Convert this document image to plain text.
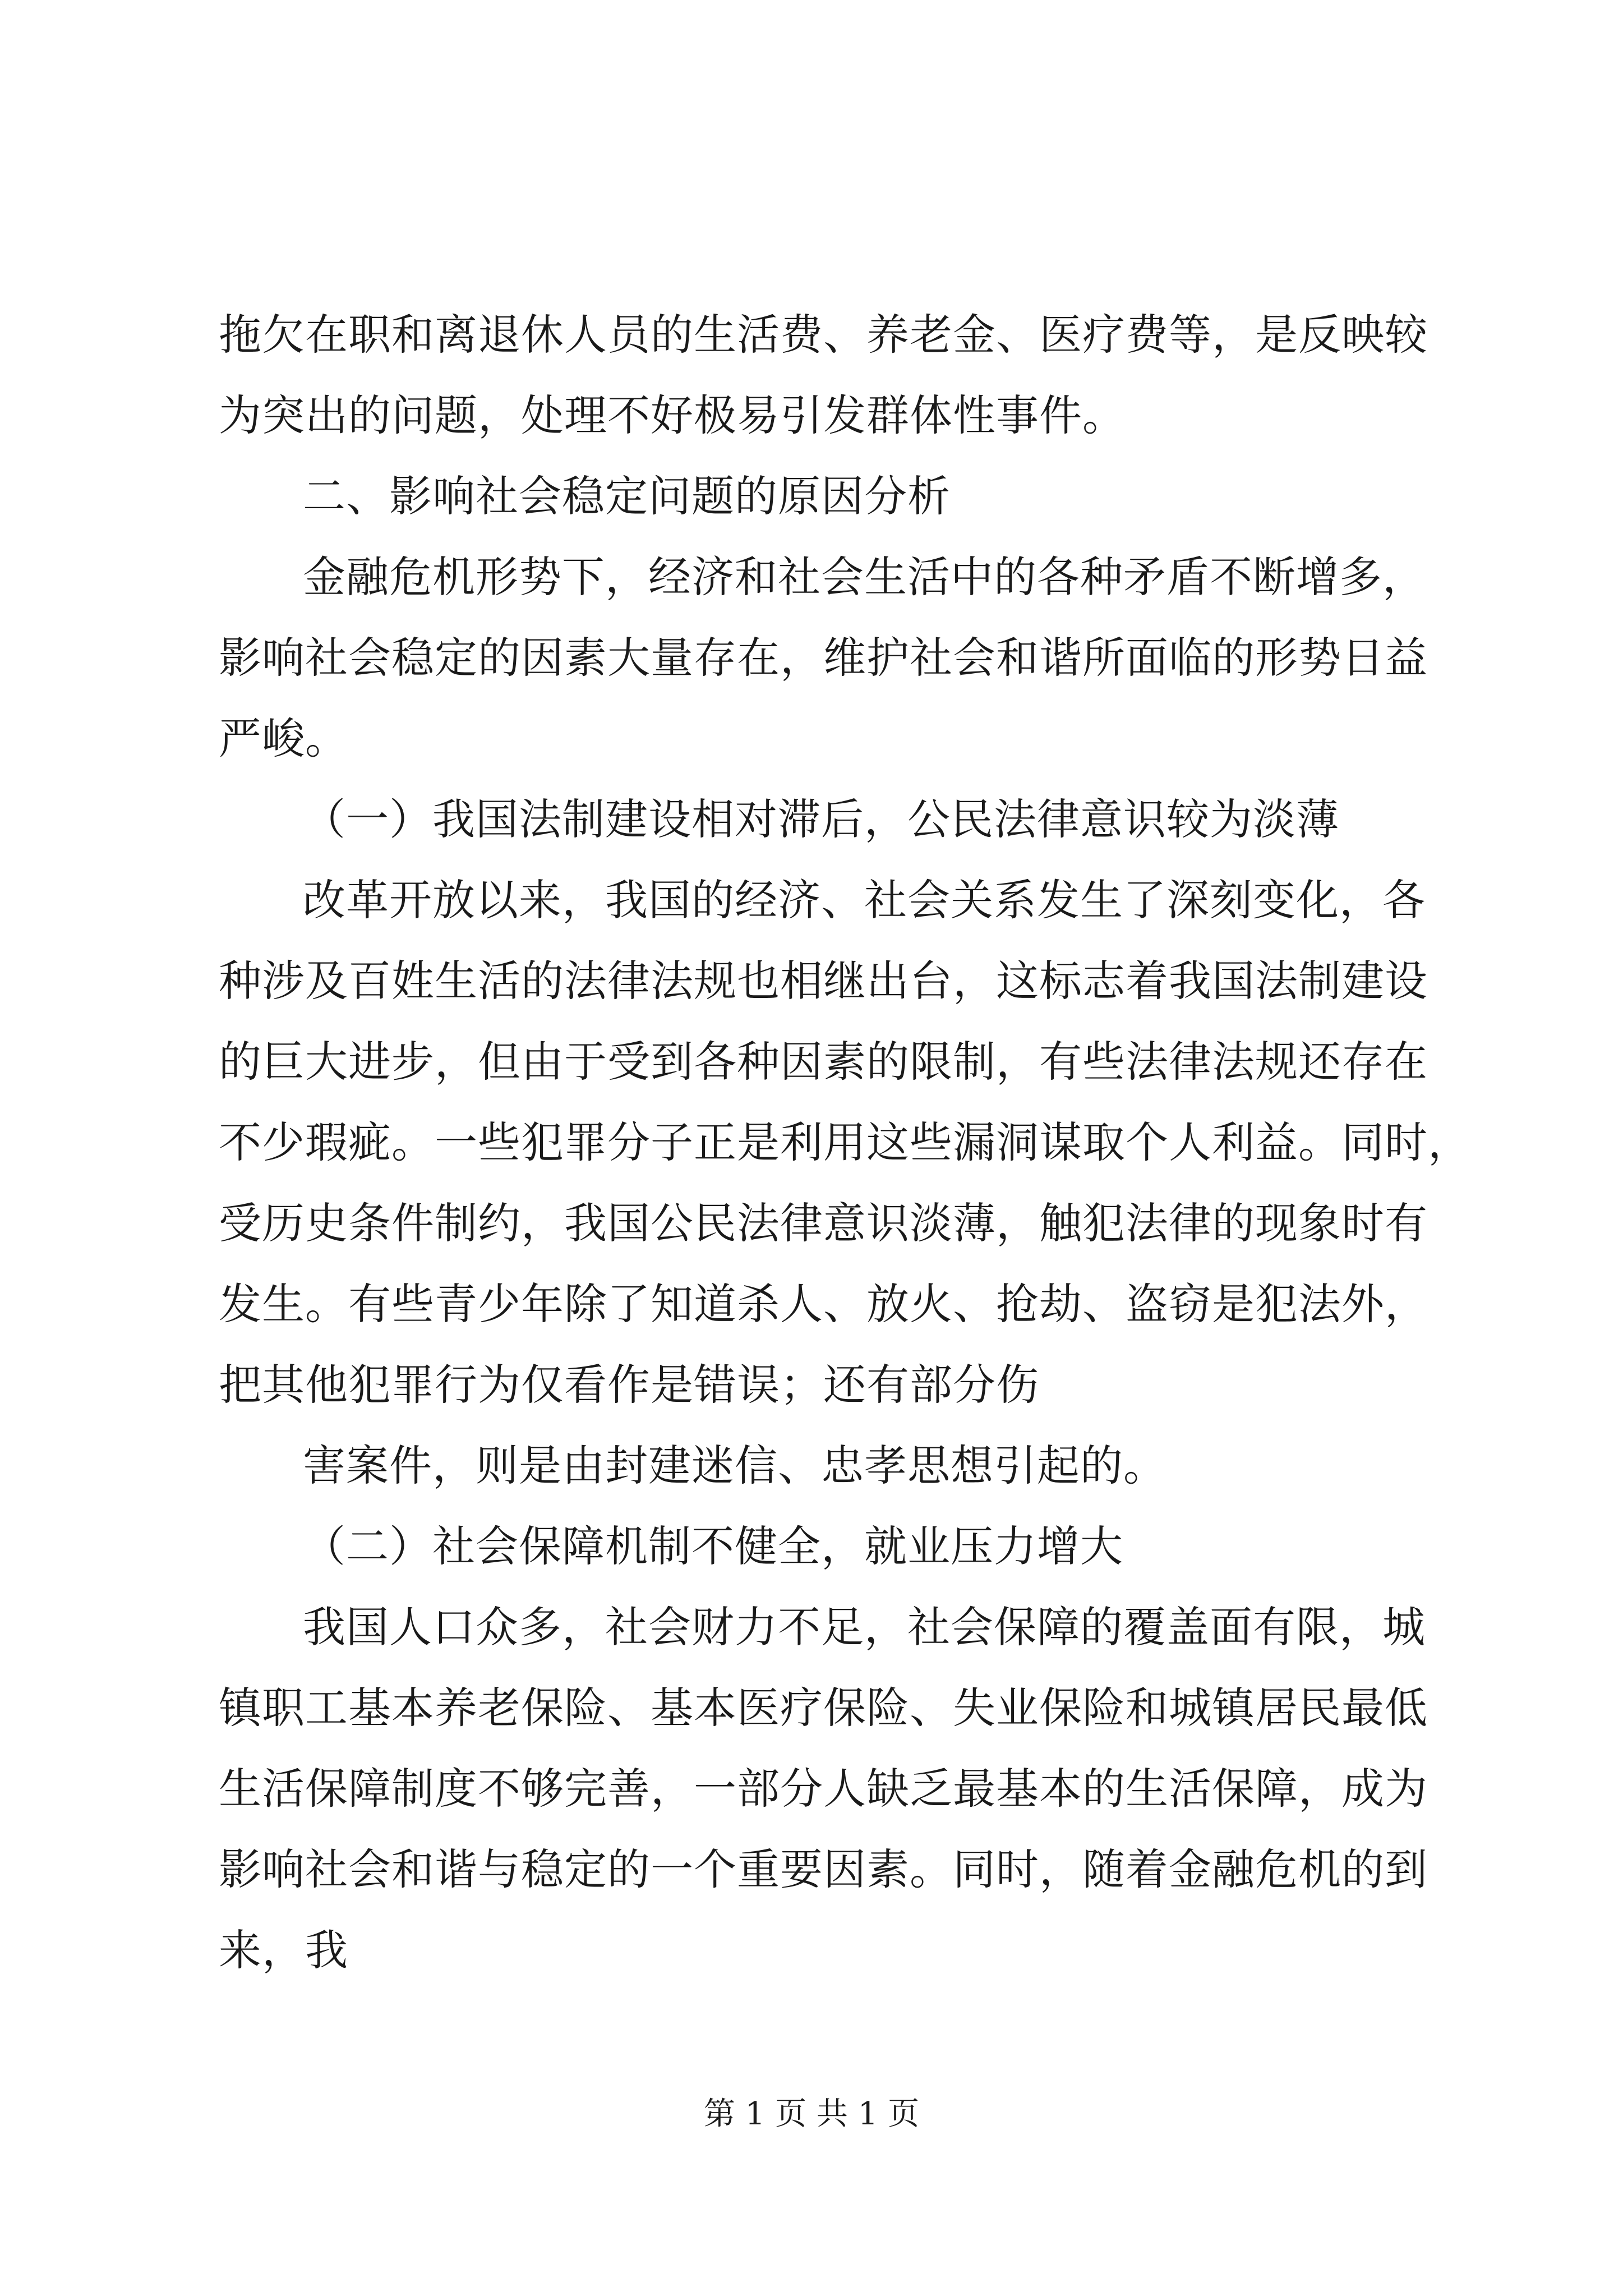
拖欠在职和离退休人员的生活费、养老金、医疗费等，是反映较
为突出的问题，处理不好极易引发群体性事件。
二、影响社会稳定问题的原因分析
金融危机形势下，经济和社会生活中的各种矛盾不断增多，
影响社会稳定的因素大量存在，维护社会和谐所面临的形势日益
严峻。
（一）我国法制建设相对滞后，公民法律意识较为淡薄
改革开放以来，我国的经济、社会关系发生了深刻变化，各
种涉及百姓生活的法律法规也相继出台，这标志着我国法制建设
的巨大进步，但由于受到各种因素的限制，有些法律法规还存在
不少瑕疵。一些犯罪分子正是利用这些漏洞谋取个人利益。同时，
受历史条件制约，我国公民法律意识淡薄，触犯法律的现象时有
发生。有些青少年除了知道杀人、放火、抢劫、盗窃是犯法外，
把其他犯罪行为仅看作是错误；还有部分伤
害案件，则是由封建迷信、忠孝思想引起的。
（二）社会保障机制不健全，就业压力增大
我国人口众多，社会财力不足，社会保障的覆盖面有限，城
镇职工基本养老保险、基本医疗保险、失业保险和城镇居民最低
生活保障制度不够完善，一部分人缺乏最基本的生活保障，成为
影响社会和谐与稳定的一个重要因素。同时，随着金融危机的到
来，我
第 1 页 共 1 页
